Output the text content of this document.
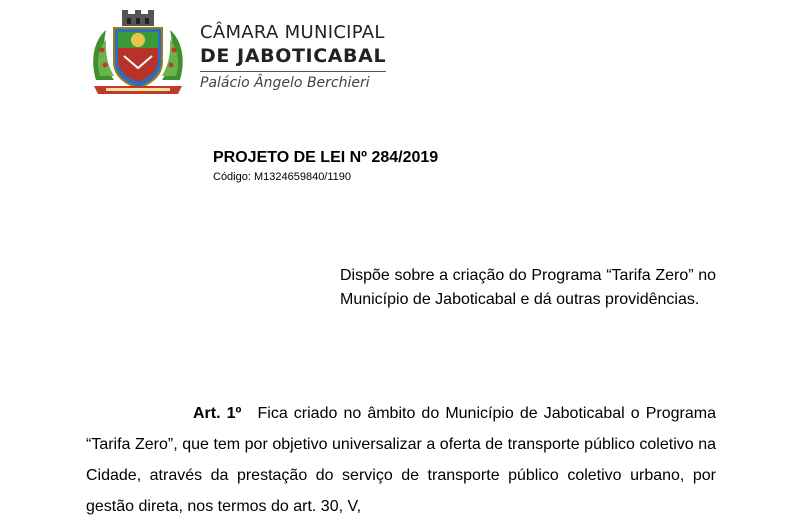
CÂMARA MUNICIPAL
DE JABOTICABAL
Palácio Ângelo Berchieri
PROJETO DE LEI Nº 284/2019
Código: M1324659840/1190
Dispõe sobre a criação do Programa “Tarifa Zero” no Município de Jaboticabal e dá outras providências.
Art. 1º Fica criado no âmbito do Município de Jaboticabal o Programa “Tarifa Zero”, que tem por objetivo universalizar a oferta de transporte público coletivo na Cidade, através da prestação do serviço de transporte público coletivo urbano, por gestão direta, nos termos do art. 30, V,
